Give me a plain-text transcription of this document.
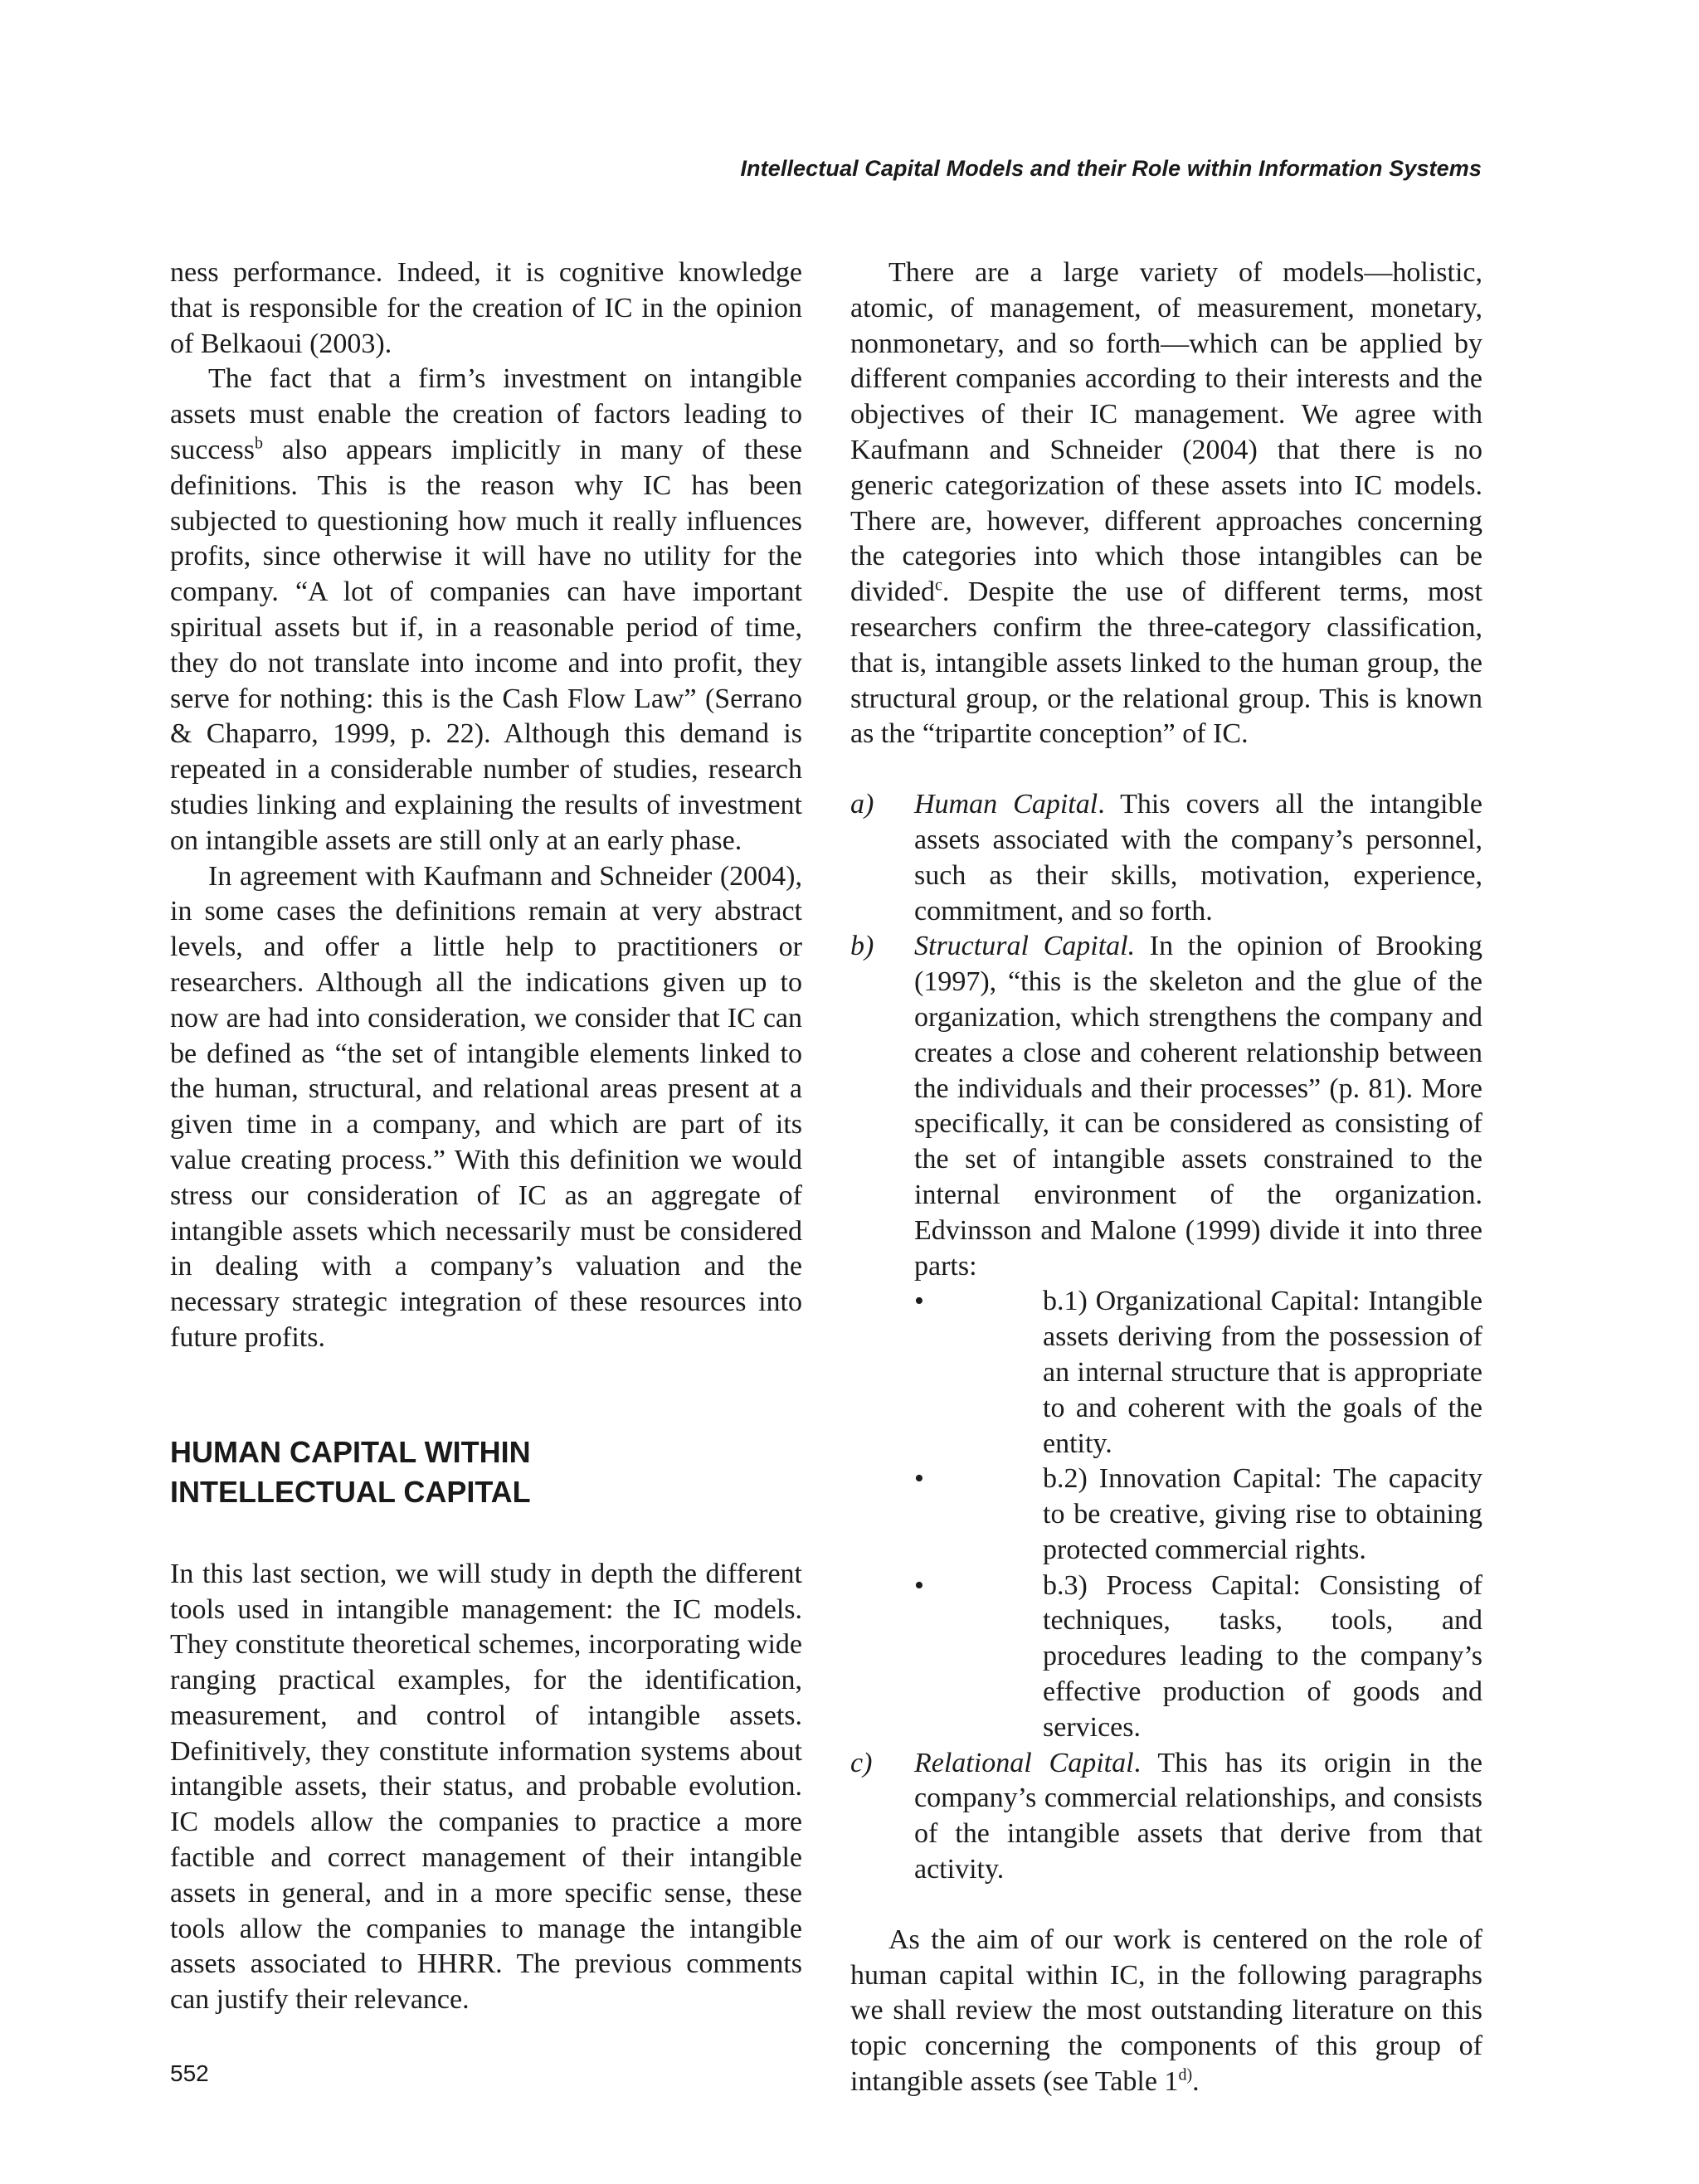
Intellectual Capital Models and their Role within Information Systems

ness performance. Indeed, it is cognitive knowledge that is responsible for the creation of IC in the opinion of Belkaoui (2003).

The fact that a firm’s investment on intangible assets must enable the creation of factors leading to success$^b$ also appears implicitly in many of these definitions. This is the reason why IC has been subjected to questioning how much it really influences profits, since otherwise it will have no utility for the company. “A lot of companies can have important spiritual assets but if, in a reasonable period of time, they do not translate into income and into profit, they serve for nothing: this is the Cash Flow Law” (Serrano & Chaparro, 1999, p. 22). Although this demand is repeated in a considerable number of studies, research studies linking and explaining the results of investment on intangible assets are still only at an early phase.

In agreement with Kaufmann and Schneider (2004), in some cases the definitions remain at very abstract levels, and offer a little help to practitioners or researchers. Although all the indications given up to now are had into consideration, we consider that IC can be defined as “the set of intangible elements linked to the human, structural, and relational areas present at a given time in a company, and which are part of its value creating process.” With this definition we would stress our consideration of IC as an aggregate of intangible assets which necessarily must be considered in dealing with a company’s valuation and the necessary strategic integration of these resources into future profits.

HUMAN CAPITAL WITHIN
INTELLECTUAL CAPITAL

In this last section, we will study in depth the different tools used in intangible management: the IC models. They constitute theoretical schemes, incorporating wide ranging practical examples, for the identification, measurement, and control of intangible assets. Definitively, they constitute information systems about intangible assets, their status, and probable evolution. IC models allow the companies to practice a more factible and correct management of their intangible assets in general, and in a more specific sense, these tools allow the companies to manage the intangible assets associated to HHRR. The previous comments can justify their relevance.

There are a large variety of models—holistic, atomic, of management, of measurement, monetary, nonmonetary, and so forth—which can be applied by different companies according to their interests and the objectives of their IC management. We agree with Kaufmann and Schneider (2004) that there is no generic categorization of these assets into IC models. There are, however, different approaches concerning the categories into which those intangibles can be divided$^c$. Despite the use of different terms, most researchers confirm the three-category classification, that is, intangible assets linked to the human group, the structural group, or the relational group. This is known as the “tripartite conception” of IC.

a) Human Capital. This covers all the intangible assets associated with the company’s personnel, such as their skills, motivation, experience, commitment, and so forth.
b) Structural Capital. In the opinion of Brooking (1997), “this is the skeleton and the glue of the organization, which strengthens the company and creates a close and coherent relationship between the individuals and their processes” (p. 81). More specifically, it can be considered as consisting of the set of intangible assets constrained to the internal environment of the organization. Edvinsson and Malone (1999) divide it into three parts:
•	b.1) Organizational Capital: Intangible assets deriving from the possession of an internal structure that is appropriate to and coherent with the goals of the entity.
•	b.2) Innovation Capital: The capacity to be creative, giving rise to obtaining protected commercial rights.
•	b.3) Process Capital: Consisting of techniques, tasks, tools, and procedures leading to the company’s effective production of goods and services.
c) Relational Capital. This has its origin in the company’s commercial relationships, and consists of the intangible assets that derive from that activity.

As the aim of our work is centered on the role of human capital within IC, in the following paragraphs we shall review the most outstanding literature on this topic concerning the components of this group of intangible assets (see Table 1$^{d)}$.

552
